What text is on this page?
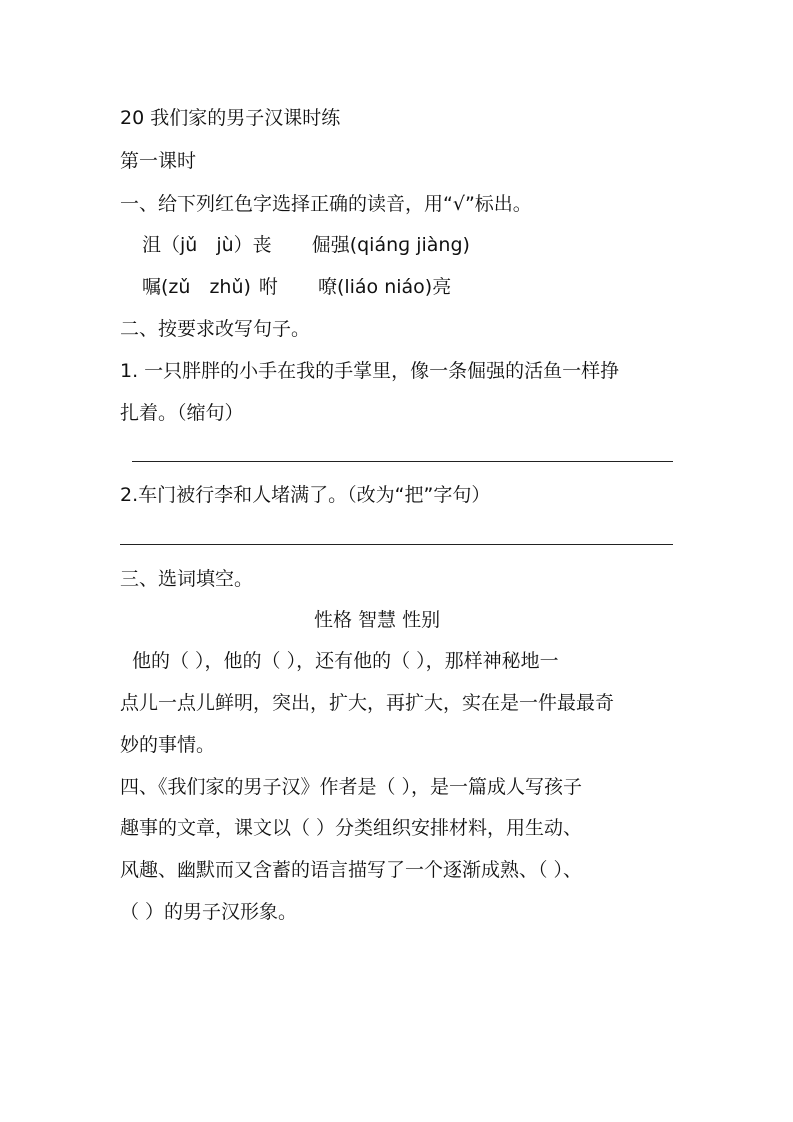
20 我们家的男子汉课时练
第一课时
一、给下列红色字选择正确的读音，用“√”标出。
沮（jǔ　jù）丧 倔强(qiánɡ jiàng)
嘱(zǔ　zhǔ) 咐 嘹(liáo niáo)亮
二、按要求改写句子。
1. 一只胖胖的小手在我的手掌里，像一条倔强的活鱼一样挣
扎着。（缩句）
2.车门被行李和人堵满了。（改为“把”字句）
三、选词填空。
性格 智慧 性别
他的（ ），他的（ ），还有他的（ ），那样神秘地一
点儿一点儿鲜明，突出，扩大，再扩大，实在是一件最最奇
妙的事情。
四、《我们家的男子汉》作者是（ ），是一篇成人写孩子
趣事的文章，课文以（ ）分类组织安排材料，用生动、
风趣、幽默而又含蓄的语言描写了一个逐渐成熟、（ ）、
（ ）的男子汉形象。
